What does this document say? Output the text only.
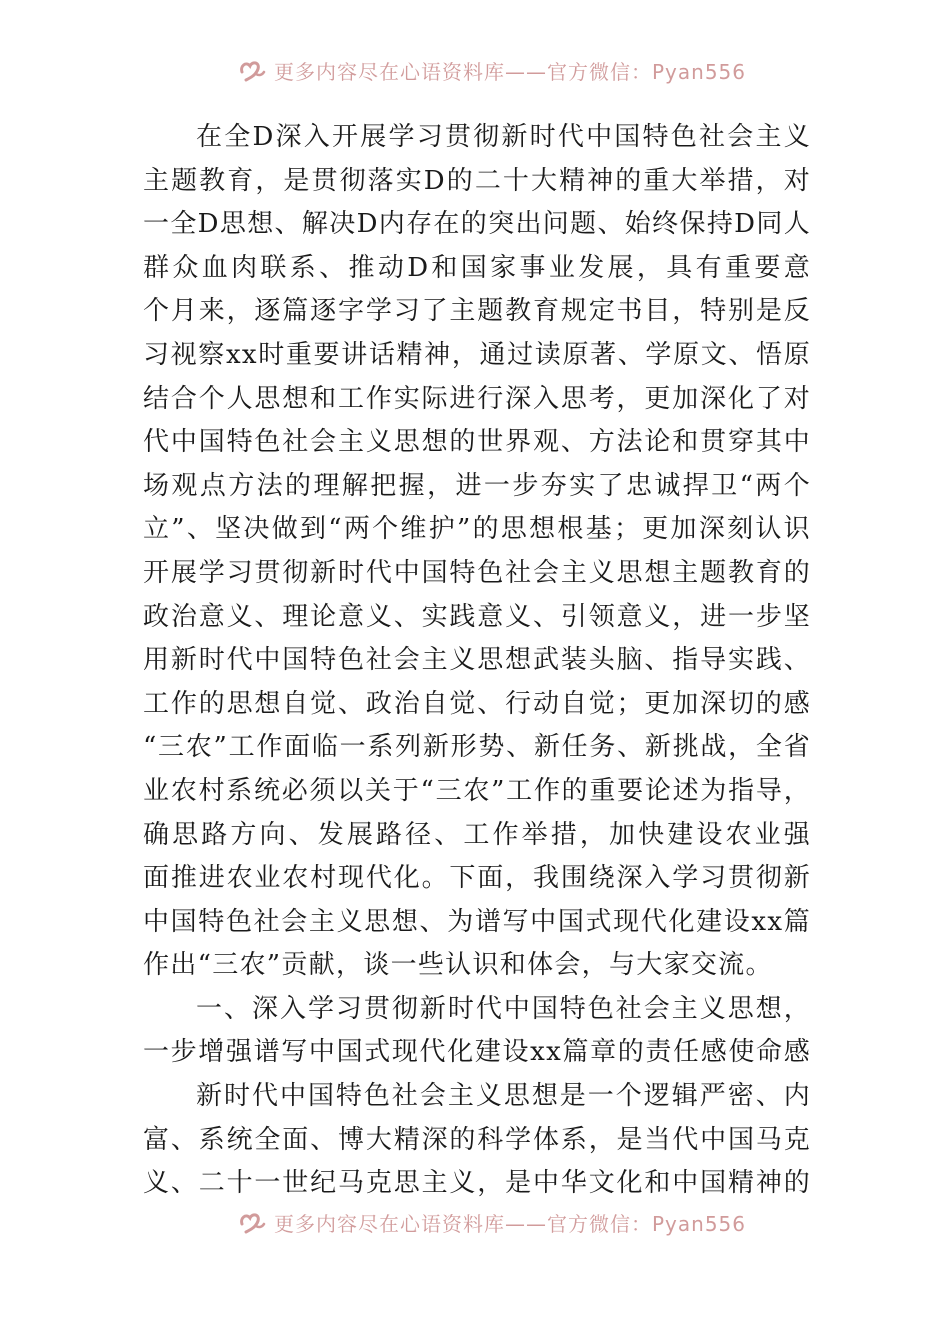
更多内容尽在心语资料库——官方微信：Pyan556
在全D深入开展学习贯彻新时代中国特色社会主义
主题教育，是贯彻落实D的二十大精神的重大举措，对
一全D思想、解决D内存在的突出问题、始终保持D同人
群众血肉联系、推动D和国家事业发展，具有重要意
个月来，逐篇逐字学习了主题教育规定书目，特别是反
习视察xx时重要讲话精神，通过读原著、学原文、悟原
结合个人思想和工作实际进行深入思考，更加深化了对
代中国特色社会主义思想的世界观、方法论和贯穿其中
场观点方法的理解把握，进一步夯实了忠诚捍卫“两个
立”、坚决做到“两个维护”的思想根基；更加深刻认识
开展学习贯彻新时代中国特色社会主义思想主题教育的
政治意义、理论意义、实践意义、引领意义，进一步坚
用新时代中国特色社会主义思想武装头脑、指导实践、
工作的思想自觉、政治自觉、行动自觉；更加深切的感
“三农”工作面临一系列新形势、新任务、新挑战，全省
业农村系统必须以关于“三农”工作的重要论述为指导，
确思路方向、发展路径、工作举措，加快建设农业强
面推进农业农村现代化。下面，我围绕深入学习贯彻新
中国特色社会主义思想、为谱写中国式现代化建设xx篇
作出“三农”贡献，谈一些认识和体会，与大家交流。
一、深入学习贯彻新时代中国特色社会主义思想，
一步增强谱写中国式现代化建设xx篇章的责任感使命感
新时代中国特色社会主义思想是一个逻辑严密、内
富、系统全面、博大精深的科学体系，是当代中国马克
义、二十一世纪马克思主义，是中华文化和中国精神的
更多内容尽在心语资料库——官方微信：Pyan556
